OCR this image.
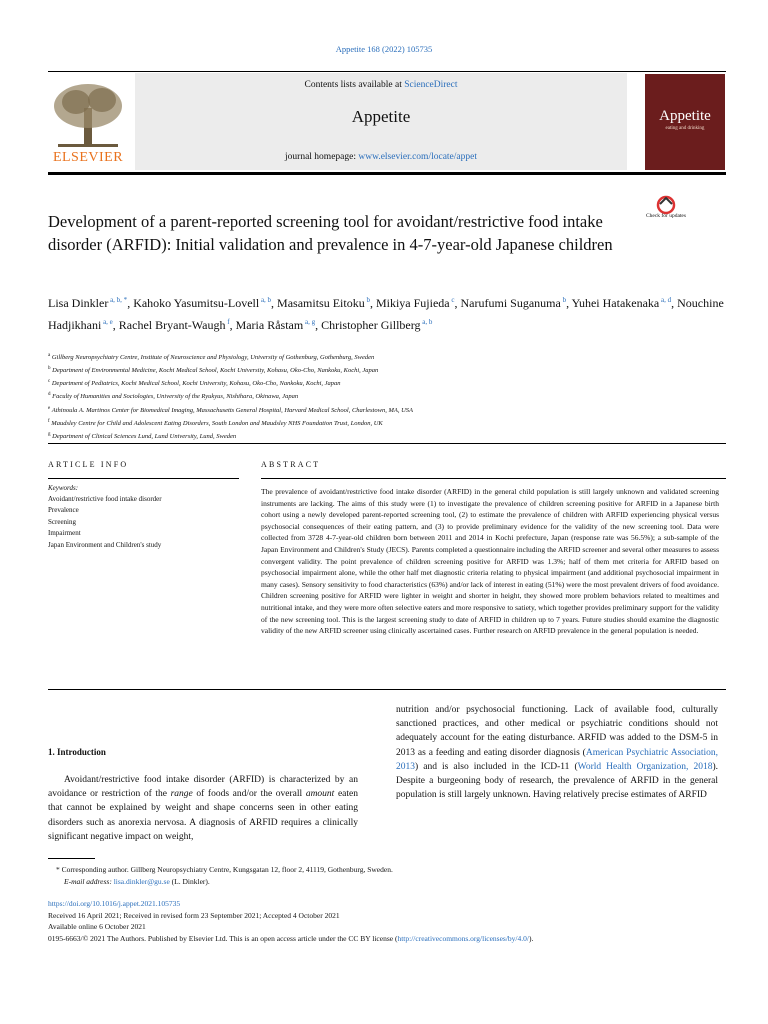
Appetite 168 (2022) 105735
Contents lists available at ScienceDirect
Appetite
journal homepage: www.elsevier.com/locate/appet
ELSEVIER
Appetite
eating and drinking
Check for updates
Development of a parent-reported screening tool for avoidant/restrictive food intake disorder (ARFID): Initial validation and prevalence in 4-7-year-old Japanese children
Lisa Dinkler $^{a, b, *}$, Kahoko Yasumitsu-Lovell $^{a, b}$, Masamitsu Eitoku $^b$, Mikiya Fujieda $^c$, Narufumi Suganuma $^b$, Yuhei Hatakenaka $^{a, d}$, Nouchine Hadjikhani $^{a, e}$, Rachel Bryant-Waugh $^f$, Maria Råstam $^{a, g}$, Christopher Gillberg $^{a, b}$
$^a$ Gillberg Neuropsychiatry Centre, Institute of Neuroscience and Physiology, University of Gothenburg, Gothenburg, Sweden
$^b$ Department of Environmental Medicine, Kochi Medical School, Kochi University, Kohasu, Oko-Cho, Nankoku, Kochi, Japan
$^c$ Department of Pediatrics, Kochi Medical School, Kochi University, Kohasu, Oko-Cho, Nankoku, Kochi, Japan
$^d$ Faculty of Humanities and Sociologies, University of the Ryukyus, Nishihara, Okinawa, Japan
$^e$ Athinoula A. Martinos Center for Biomedical Imaging, Massachusetts General Hospital, Harvard Medical School, Charlestown, MA, USA
$^f$ Maudsley Centre for Child and Adolescent Eating Disorders, South London and Maudsley NHS Foundation Trust, London, UK
$^g$ Department of Clinical Sciences Lund, Lund University, Lund, Sweden
ARTICLE INFO	ABSTRACT
Keywords:
Avoidant/restrictive food intake disorder
Prevalence
Screening
Impairment
Japan Environment and Children's study
The prevalence of avoidant/restrictive food intake disorder (ARFID) in the general child population is still largely unknown and validated screening instruments are lacking. The aims of this study were (1) to investigate the prevalence of children screening positive for ARFID in a Japanese birth cohort using a newly developed parent-reported screening tool, (2) to estimate the prevalence of children with ARFID experiencing physical versus psychosocial consequences of their eating pattern, and (3) to provide preliminary evidence for the validity of the new screening tool. Data were collected from 3728 4-7-year-old children born between 2011 and 2014 in Kochi prefecture, Japan (response rate was 56.5%); a sub-sample of the Japan Environment and Children's Study (JECS). Parents completed a questionnaire including the ARFID screener and several other measures to assess convergent validity. The point prevalence of children screening positive for ARFID was 1.3%; half of them met criteria for ARFID based on psychosocial impairment alone, while the other half met diagnostic criteria relating to physical impairment (and additional psychosocial impairment in many cases). Sensory sensitivity to food characteristics (63%) and/or lack of interest in eating (51%) were the most prevalent drivers of food avoidance. Children screening positive for ARFID were lighter in weight and shorter in height, they showed more problem behaviors related to mealtimes and nutritional intake, and they were more often selective eaters and more responsive to satiety, which together provides preliminary support for the validity of the new screening tool. This is the largest screening study to date of ARFID in children up to 7 years. Future studies should examine the diagnostic validity of the new ARFID screener using clinically ascertained cases. Further research on ARFID prevalence in the general population is needed.
1. Introduction
Avoidant/restrictive food intake disorder (ARFID) is characterized by an avoidance or restriction of the range of foods and/or the overall amount eaten that cannot be explained by weight and shape concerns seen in other eating disorders such as anorexia nervosa. A diagnosis of ARFID requires a clinically significant negative impact on weight,
nutrition and/or psychosocial functioning. Lack of available food, culturally sanctioned practices, and other medical or psychiatric conditions should not adequately account for the eating disturbance. ARFID was added to the DSM-5 in 2013 as a feeding and eating disorder diagnosis (American Psychiatric Association, 2013) and is also included in the ICD-11 (World Health Organization, 2018). Despite a burgeoning body of research, the prevalence of ARFID in the general population is still largely unknown. Having relatively precise estimates of ARFID
* Corresponding author. Gillberg Neuropsychiatry Centre, Kungsgatan 12, floor 2, 41119, Gothenburg, Sweden.
E-mail address: lisa.dinkler@gu.se (L. Dinkler).
https://doi.org/10.1016/j.appet.2021.105735
Received 16 April 2021; Received in revised form 23 September 2021; Accepted 4 October 2021
Available online 6 October 2021
0195-6663/© 2021 The Authors. Published by Elsevier Ltd. This is an open access article under the CC BY license (http://creativecommons.org/licenses/by/4.0/).
